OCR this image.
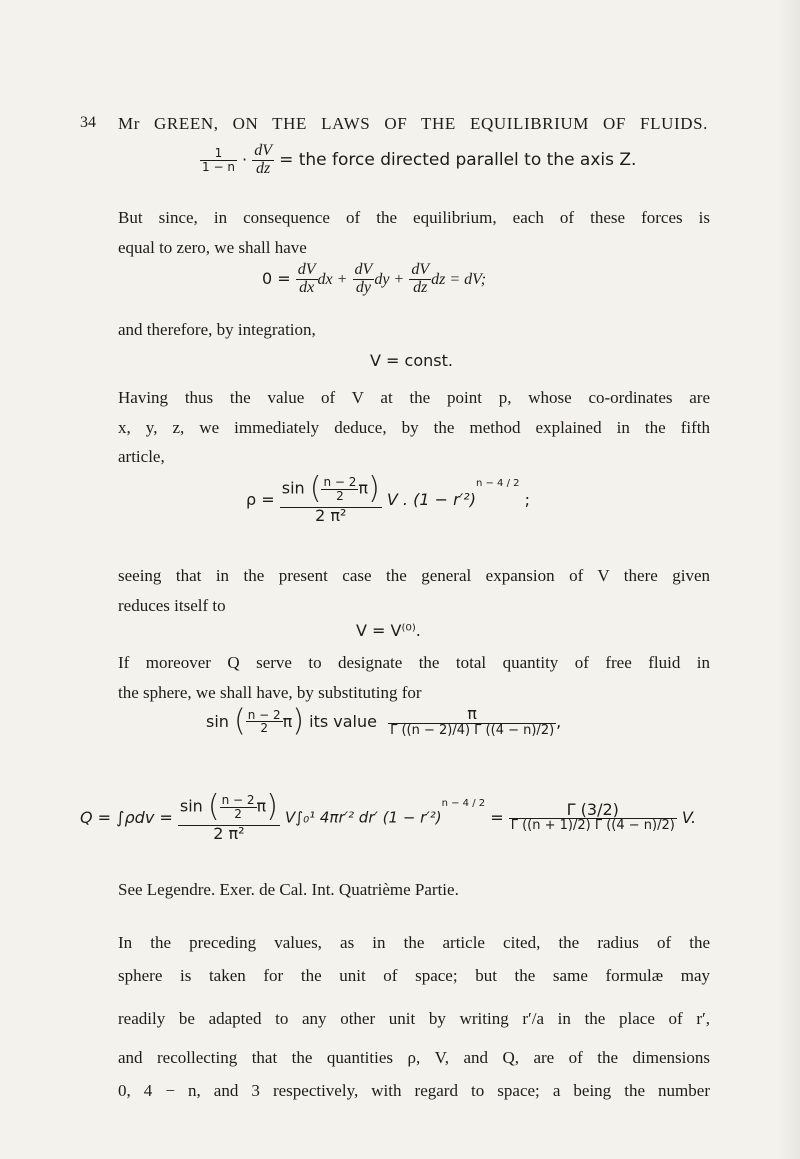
34 Mr GREEN, ON THE LAWS OF THE EQUILIBRIUM OF FLUIDS.
$\frac{1}{1 - n} \cdot \frac{dV}{dz}$ = the force directed parallel to the axis Z.
But since, in consequence of the equilibrium, each of these forces is
equal to zero, we shall have
$0 = \frac{dV}{dx}$ dx + $\frac{dV}{dy}$ dy + $\frac{dV}{dz}$ dz = dV;
and therefore, by integration,
V = const.
Having thus the value of V at the point p, whose co-ordinates are
x, y, z, we immediately deduce, by the method explained in the fifth
article,
$\rho = \frac{\sin ( \frac{n - 2}{2} \pi)}{\text{2 π²}}$ V . $(1 - r'^2)^{n - 4 / 2}$ ;
seeing that in the present case the general expansion of V there given
reduces itself to
V = V⁽⁰⁾.
If moreover Q serve to designate the total quantity of free fluid in
the sphere, we shall have, by substituting for
sin ( $\frac{n - 2}{2} \pi$) its value $\frac{\pi}{\Gamma ((n - 2)/4) \Gamma ((4 - n)/2)}$ ,
$Q = \int\rho dv = \frac{\sin ( \frac{n - 2}{2} \pi)}{\text{2 π²}} V\int_0^1$ 4πr′² dr′ $(1 - r'^2)^{n - 4 / 2} = \frac{\Gamma (3/2)}{\Gamma ((n + 1)/2) \Gamma ((4 - n)/2)} V$.
See Legendre. Exer. de Cal. Int. Quatrième Partie.
In the preceding values, as in the article cited, the radius of the
sphere is taken for the unit of space; but the same formulæ may
readily be adapted to any other unit by writing r′/a in the place of r′,
and recollecting that the quantities ρ, V, and Q, are of the dimensions
0, 4 − n, and 3 respectively, with regard to space; a being the number
